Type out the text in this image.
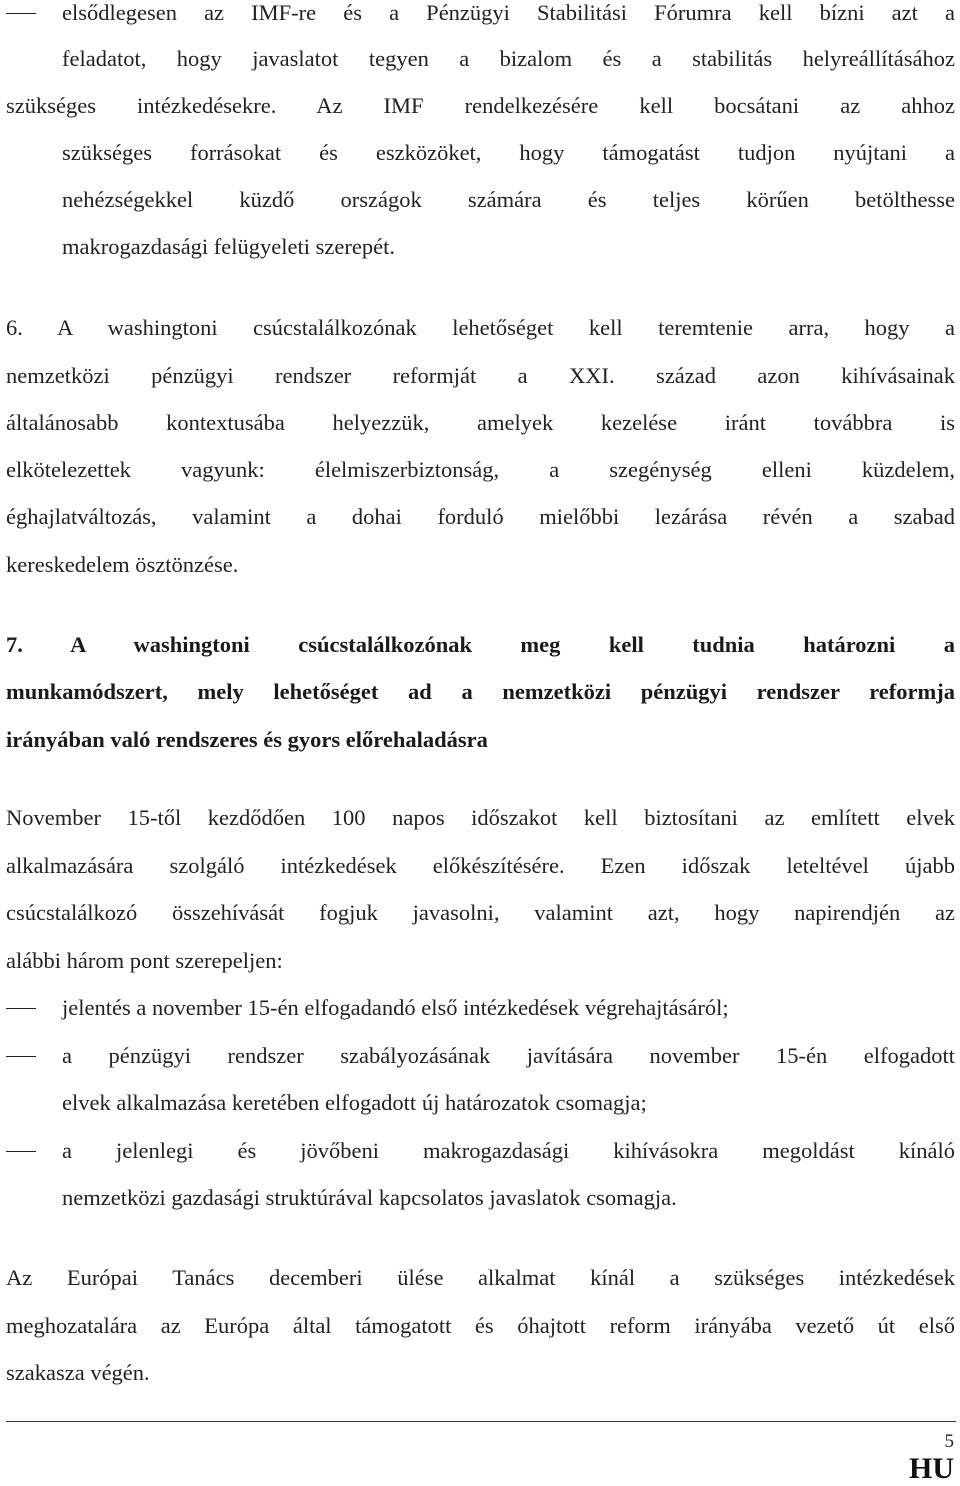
elsődlegesen az IMF-re és a Pénzügyi Stabilitási Fórumra kell bízni azt a
feladatot, hogy javaslatot tegyen a bizalom és a stabilitás helyreállításához
szükséges intézkedésekre. Az IMF rendelkezésére kell bocsátani az ahhoz
szükséges forrásokat és eszközöket, hogy támogatást tudjon nyújtani a
nehézségekkel küzdő országok számára és teljes körűen betölthesse
makrogazdasági felügyeleti szerepét.
6. A washingtoni csúcstalálkozónak lehetőséget kell teremtenie arra, hogy a
nemzetközi pénzügyi rendszer reformját a XXI. század azon kihívásainak
általánosabb kontextusába helyezzük, amelyek kezelése iránt továbbra is
elkötelezettek vagyunk: élelmiszerbiztonság, a szegénység elleni küzdelem,
éghajlatváltozás, valamint a dohai forduló mielőbbi lezárása révén a szabad
kereskedelem ösztönzése.
7. A washingtoni csúcstalálkozónak meg kell tudnia határozni a
munkamódszert, mely lehetőséget ad a nemzetközi pénzügyi rendszer reformja
irányában való rendszeres és gyors előrehaladásra
November 15-től kezdődően 100 napos időszakot kell biztosítani az említett elvek
alkalmazására szolgáló intézkedések előkészítésére. Ezen időszak leteltével újabb
csúcstalálkozó összehívását fogjuk javasolni, valamint azt, hogy napirendjén az
alábbi három pont szerepeljen:
jelentés a november 15-én elfogadandó első intézkedések végrehajtásáról;
a pénzügyi rendszer szabályozásának javítására november 15-én elfogadott
elvek alkalmazása keretében elfogadott új határozatok csomagja;
a jelenlegi és jövőbeni makrogazdasági kihívásokra megoldást kínáló
nemzetközi gazdasági struktúrával kapcsolatos javaslatok csomagja.
Az Európai Tanács decemberi ülése alkalmat kínál a szükséges intézkedések
meghozatalára az Európa által támogatott és óhajtott reform irányába vezető út első
szakasza végén.
5
HU
